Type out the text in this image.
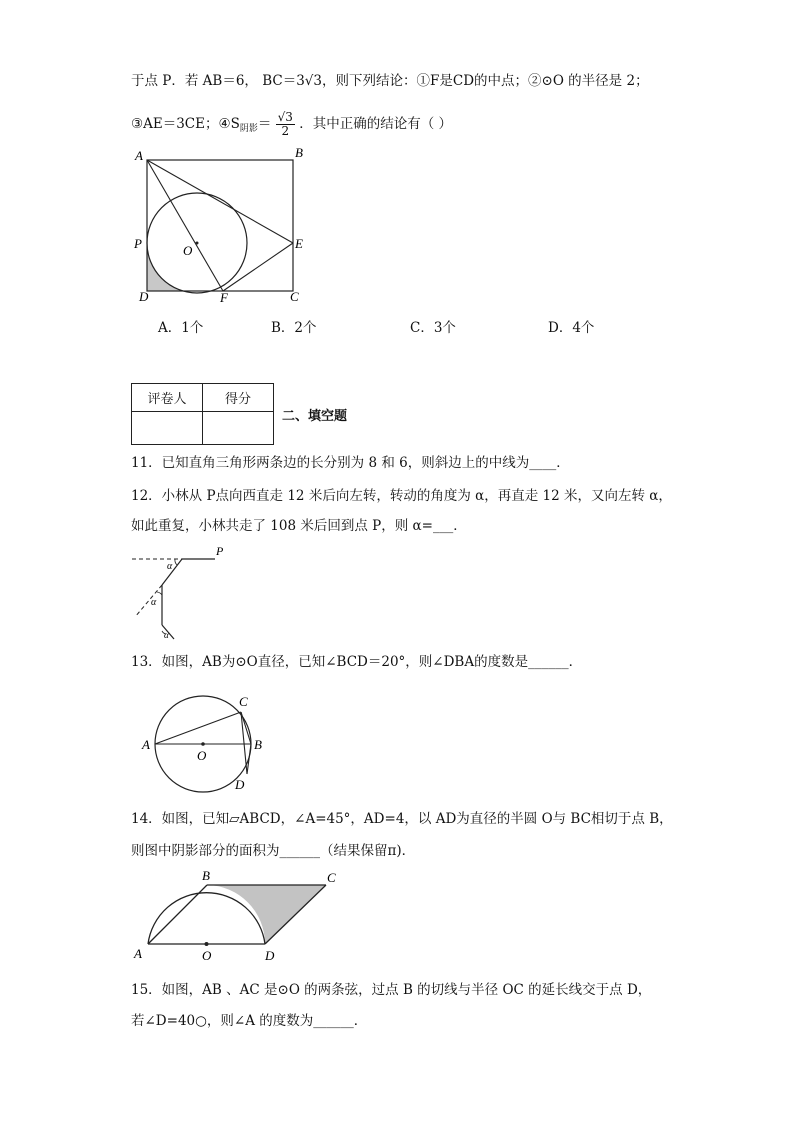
于点 P．若 AB＝6， BC＝3√3，则下列结论：①F是CD的中点；②⊙O 的半径是 2；
③AE＝3CE；$④S_{阴影}= \frac{√3}{2}$ ．其中正确的结论有（ ）
A	B
C
D
E
F
O
P
A．1个	B．2个	C．3个	D．4个
评卷人	得分

二、填空题
11．已知直角三角形两条边的长分别为 8 和 6，则斜边上的中线为____．
12．小林从 P点向西直走 12 米后向左转，转动的角度为 α，再直走 12 米，又向左转 α，
如此重复，小林共走了 108 米后回到点 P，则 α=___．
P
α
α
α
13．如图，AB为⊙O直径，已知∠BCD＝20°，则∠DBA的度数是______．
A	B
C
D
O
14．如图，已知▱ABCD，∠A=45°，AD=4，以 AD为直径的半圆 O与 BC相切于点 B，
则图中阴影部分的面积为______（结果保留π)．
A
B	C
D
O
15．如图，AB 、AC 是⊙O 的两条弦，过点 B 的切线与半径 OC 的延长线交于点 D，若∠D=40○，则∠A 的度数为______．
